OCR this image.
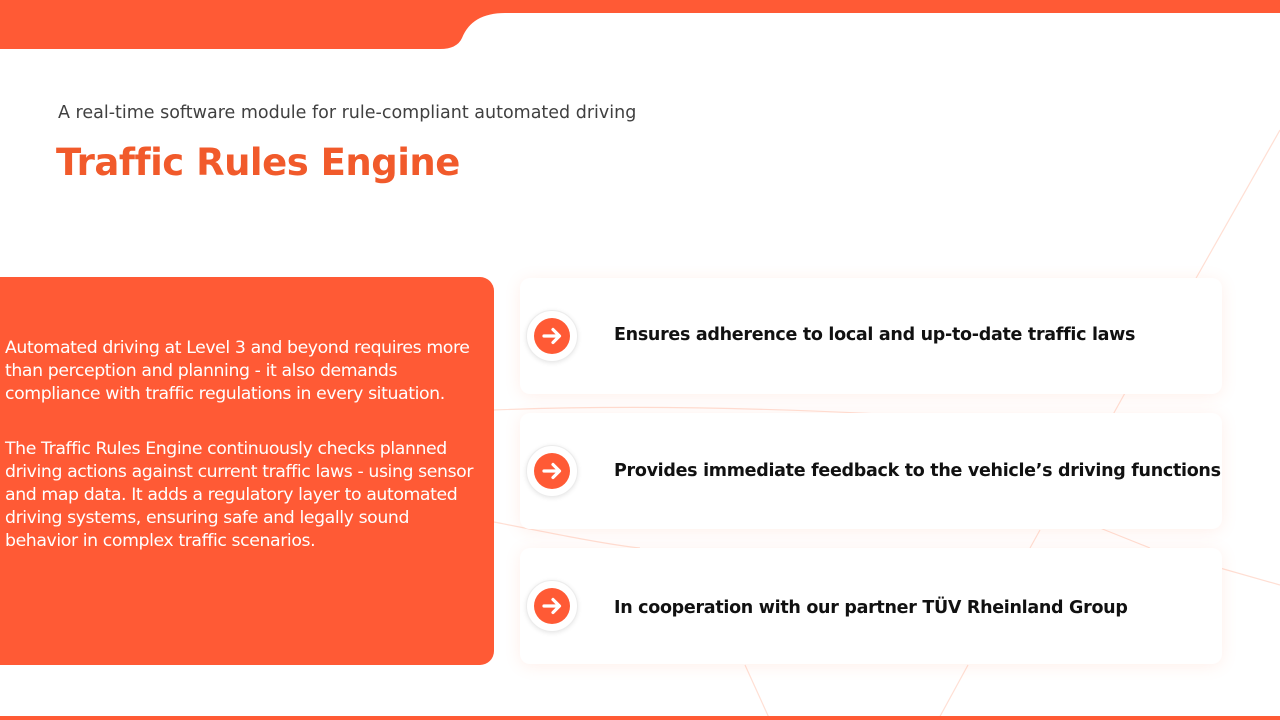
A real-time software module for rule-compliant automated driving
Traffic Rules Engine

Automated driving at Level 3 and beyond requires more than perception and planning - it also demands compliance with traffic regulations in every situation.

The Traffic Rules Engine continuously checks planned driving actions against current traffic laws - using sensor and map data. It adds a regulatory layer to automated driving systems, ensuring safe and legally sound behavior in complex traffic scenarios.

Ensures adherence to local and up-to-date traffic laws
Provides immediate feedback to the vehicle’s driving functions
In cooperation with our partner TÜV Rheinland Group
